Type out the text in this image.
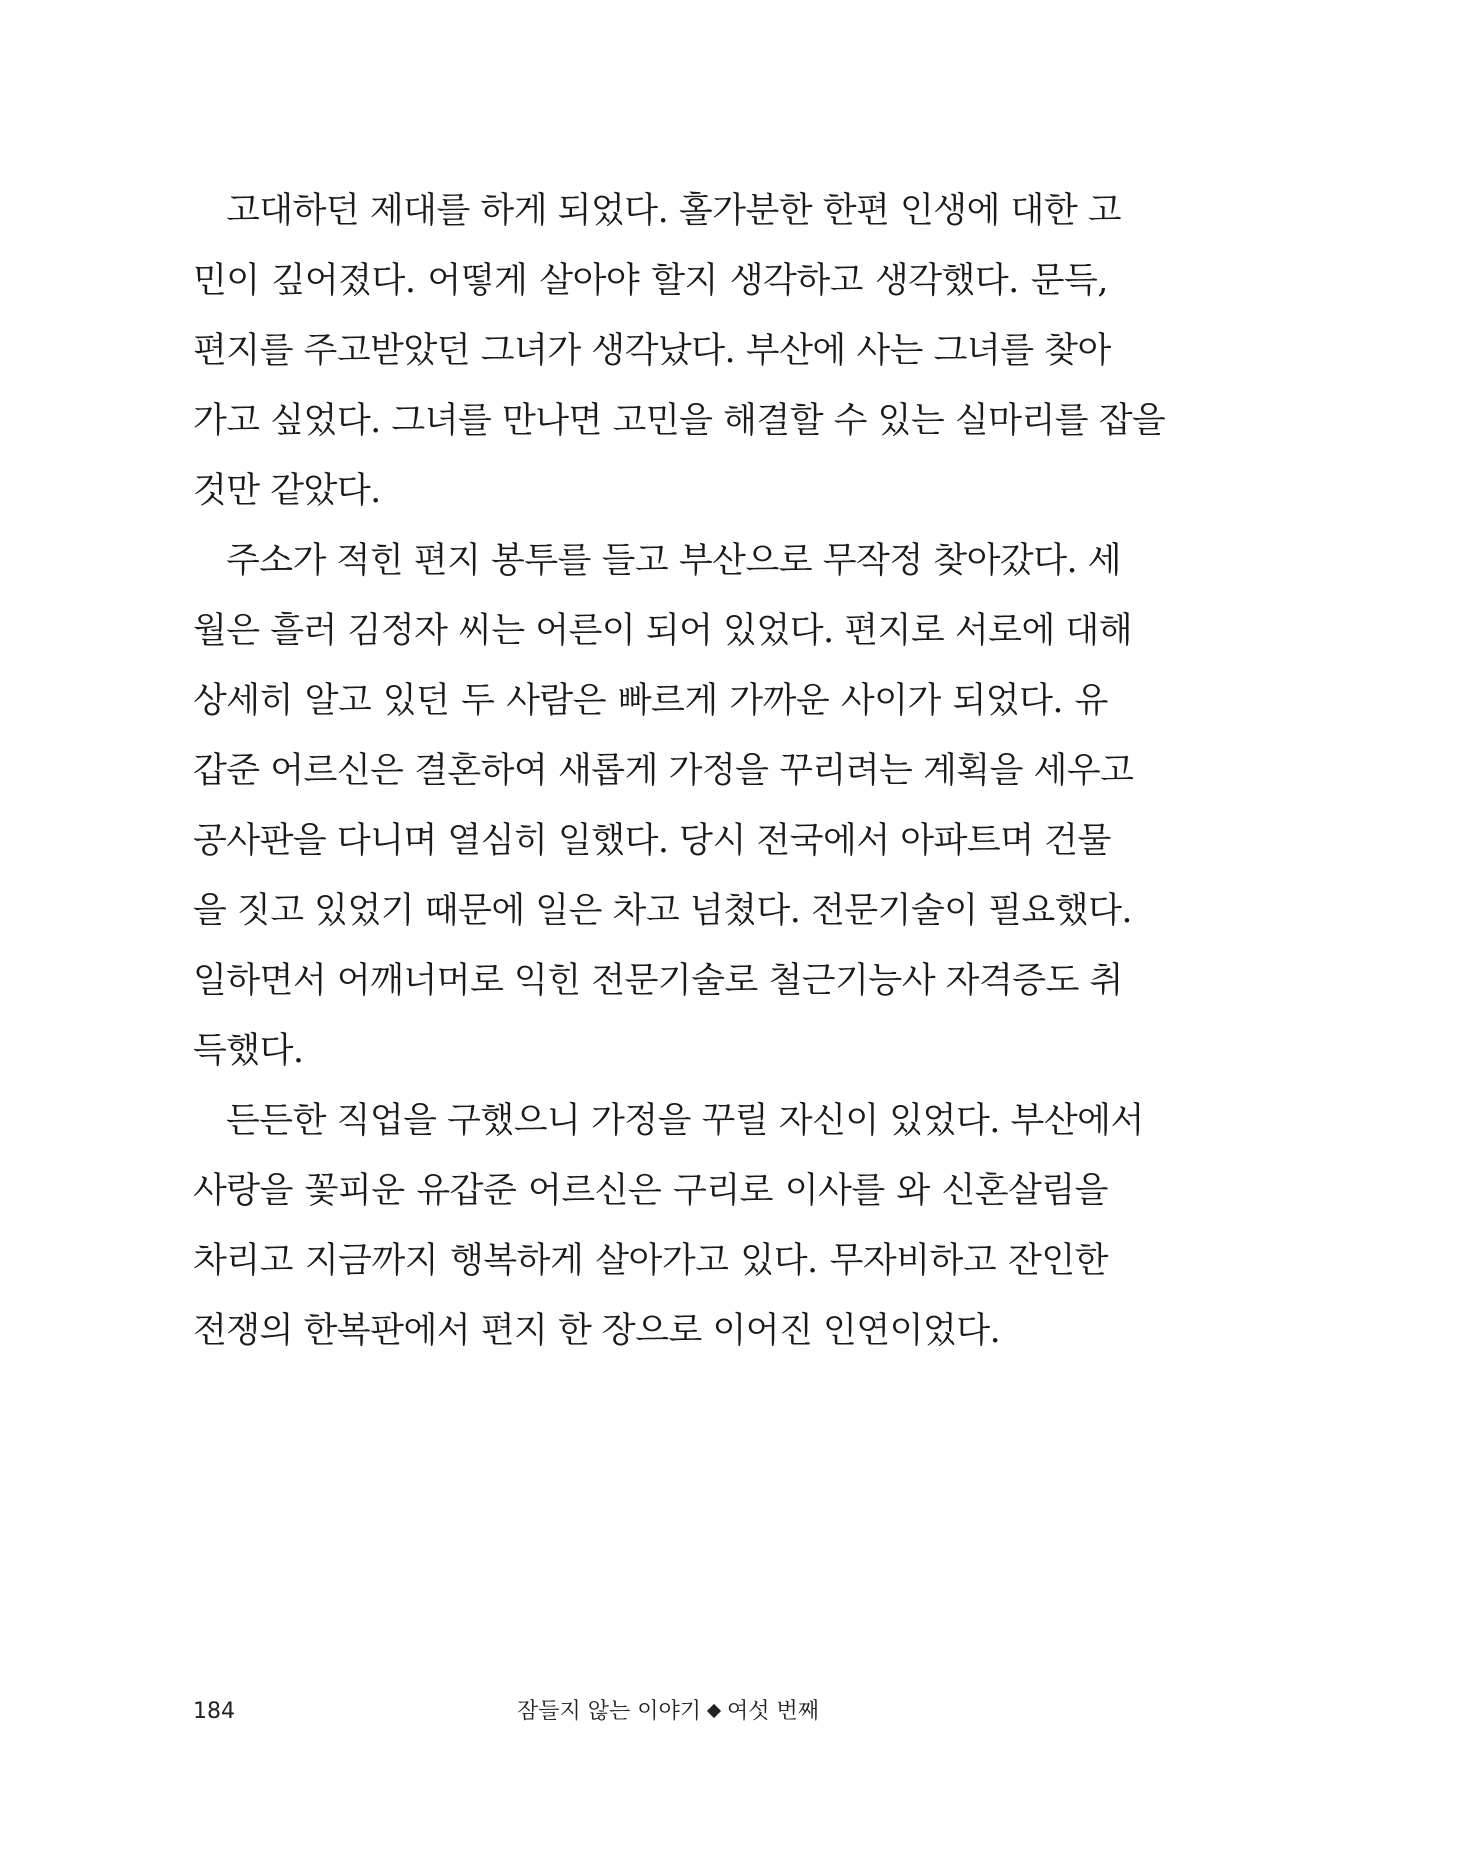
고대하던 제대를 하게 되었다. 홀가분한 한편 인생에 대한 고
민이 깊어졌다. 어떻게 살아야 할지 생각하고 생각했다. 문득,
편지를 주고받았던 그녀가 생각났다. 부산에 사는 그녀를 찾아
가고 싶었다. 그녀를 만나면 고민을 해결할 수 있는 실마리를 잡을
것만 같았다.
주소가 적힌 편지 봉투를 들고 부산으로 무작정 찾아갔다. 세
월은 흘러 김정자 씨는 어른이 되어 있었다. 편지로 서로에 대해
상세히 알고 있던 두 사람은 빠르게 가까운 사이가 되었다. 유
갑준 어르신은 결혼하여 새롭게 가정을 꾸리려는 계획을 세우고
공사판을 다니며 열심히 일했다. 당시 전국에서 아파트며 건물
을 짓고 있었기 때문에 일은 차고 넘쳤다. 전문기술이 필요했다.
일하면서 어깨너머로 익힌 전문기술로 철근기능사 자격증도 취
득했다.
든든한 직업을 구했으니 가정을 꾸릴 자신이 있었다. 부산에서
사랑을 꽃피운 유갑준 어르신은 구리로 이사를 와 신혼살림을
차리고 지금까지 행복하게 살아가고 있다. 무자비하고 잔인한
전쟁의 한복판에서 편지 한 장으로 이어진 인연이었다.
184	잠들지 않는 이야기 여섯 번째
